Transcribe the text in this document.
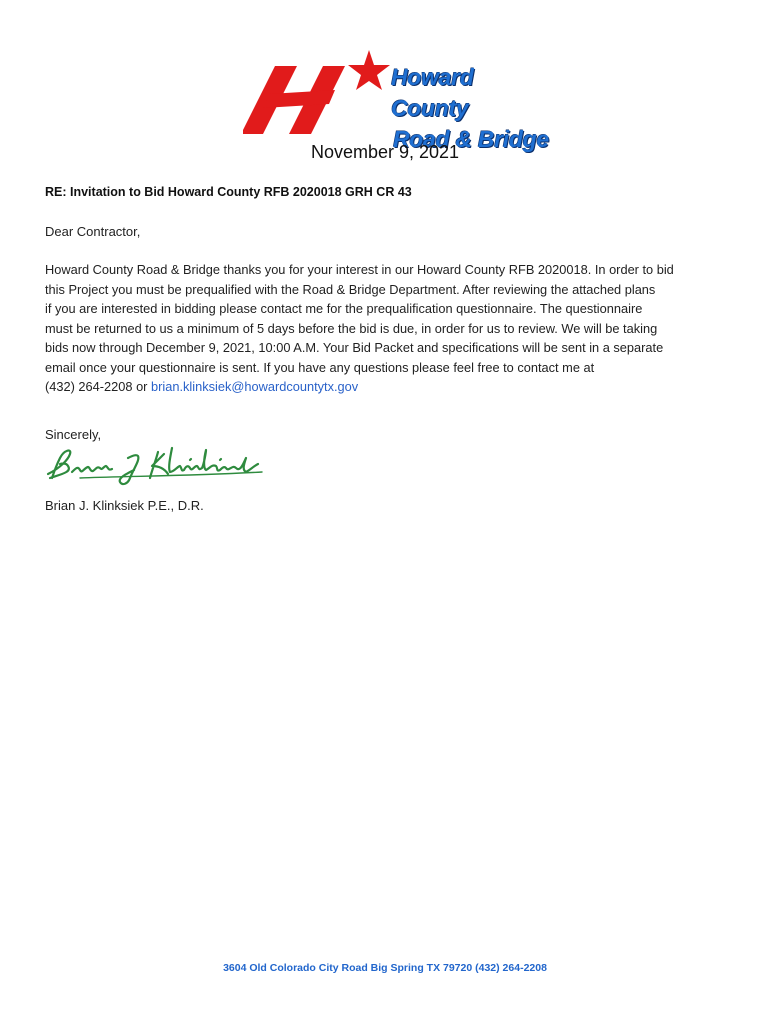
Howard County
Road & Bridge
November 9, 2021
RE: Invitation to Bid Howard County RFB 2020018 GRH CR 43
Dear Contractor,
Howard County Road & Bridge thanks you for your interest in our Howard County RFB 2020018. In order to bid
this Project you must be prequalified with the Road & Bridge Department. After reviewing the attached plans
if you are interested in bidding please contact me for the prequalification questionnaire. The questionnaire
must be returned to us a minimum of 5 days before the bid is due, in order for us to review. We will be taking
bids now through December 9, 2021, 10:00 A.M. Your Bid Packet and specifications will be sent in a separate
email once your questionnaire is sent. If you have any questions please feel free to contact me at
(432) 264-2208 or brian.klinksiek@howardcountytx.gov
Sincerely,
Brian J. Klinksiek P.E., D.R.
3604 Old Colorado City Road Big Spring TX 79720 (432) 264-2208
